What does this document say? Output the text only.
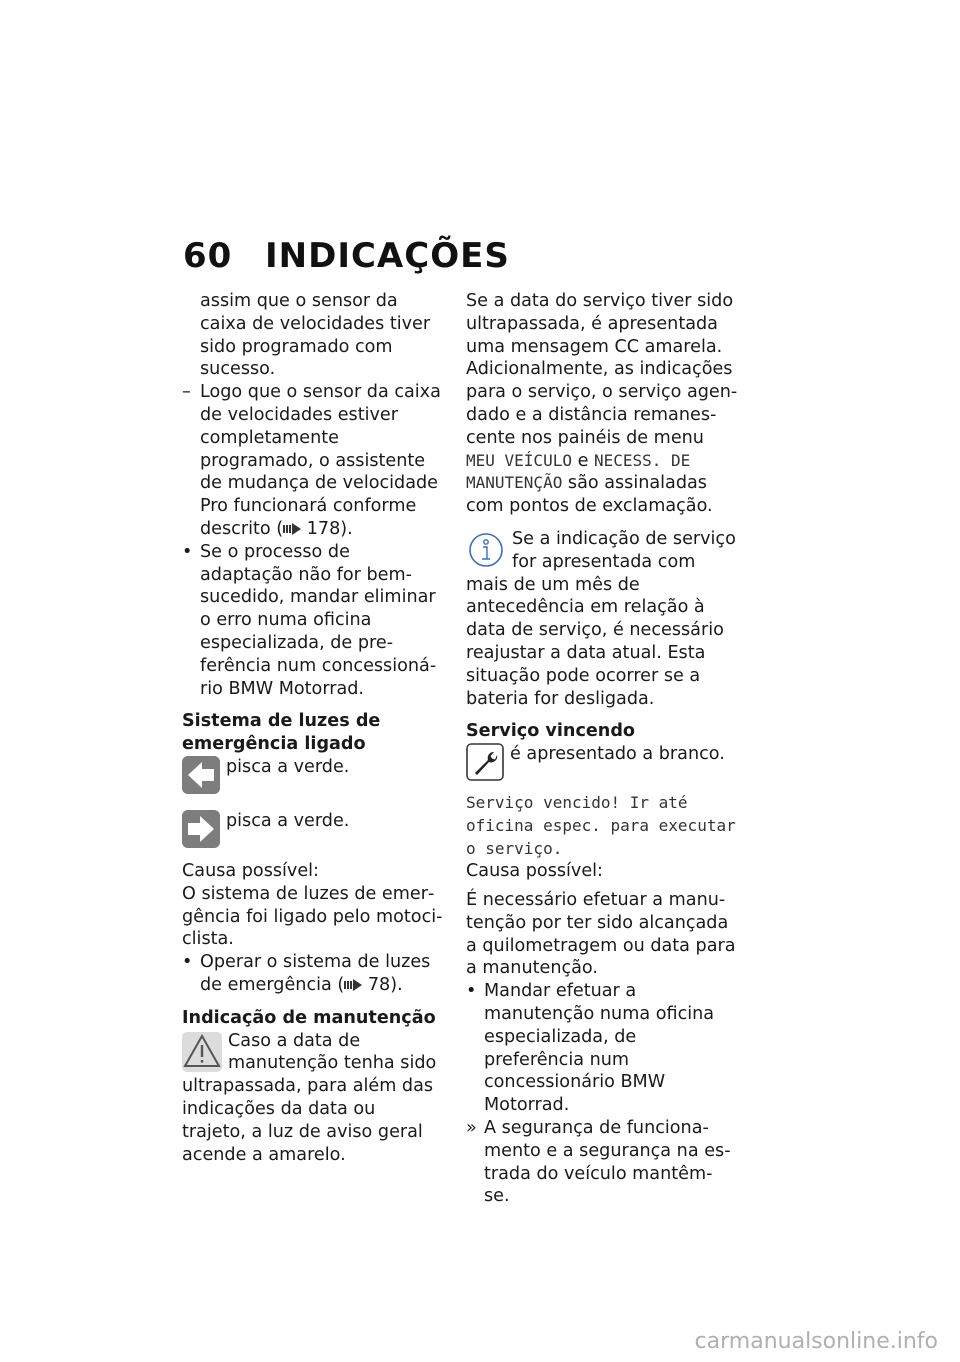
60 INDICAÇÕES

assim que o sensor da caixa de velocidades tiver sido programado com sucesso.

– Logo que o sensor da caixa de velocidades estiver completamente programado, o assistente de mudança de velocidade Pro funcionará conforme descrito ( 178).
• Se o processo de adaptação não for bem-sucedido, mandar eliminar o erro numa oficina especializada, de preferência num concessionário BMW Motorrad.

Sistema de luzes de emergência ligado

pisca a verde.
pisca a verde.

Causa possível:

O sistema de luzes de emergência foi ligado pelo motociclista.

• Operar o sistema de luzes de emergência ( 78).

Indicação de manutenção

Caso a data de manutenção tenha sido ultrapassada, para além das indicações da data ou trajeto, a luz de aviso geral acende a amarelo.

Se a data do serviço tiver sido ultrapassada, é apresentada uma mensagem CC amarela. Adicionalmente, as indicações para o serviço, o serviço agendado e a distância remanescente nos painéis de menu MEU VEÍCULO e NECESS. DE MANUTENÇÃO são assinaladas com pontos de exclamação.

Se a indicação de serviço for apresentada com mais de um mês de antecedência em relação à data de serviço, é necessário reajustar a data atual. Esta situação pode ocorrer se a bateria for desligada.

Serviço vincendo

é apresentado a branco.

Serviço vencido! Ir até oficina espec. para executar o serviço.

Causa possível:

É necessário efetuar a manutenção por ter sido alcançada a quilometragem ou data para a manutenção.

• Mandar efetuar a manutenção numa oficina especializada, de preferência num concessionário BMW Motorrad.
» A segurança de funcionamento e a segurança na estrada do veículo mantêm-se.
carmanualsonline.info
